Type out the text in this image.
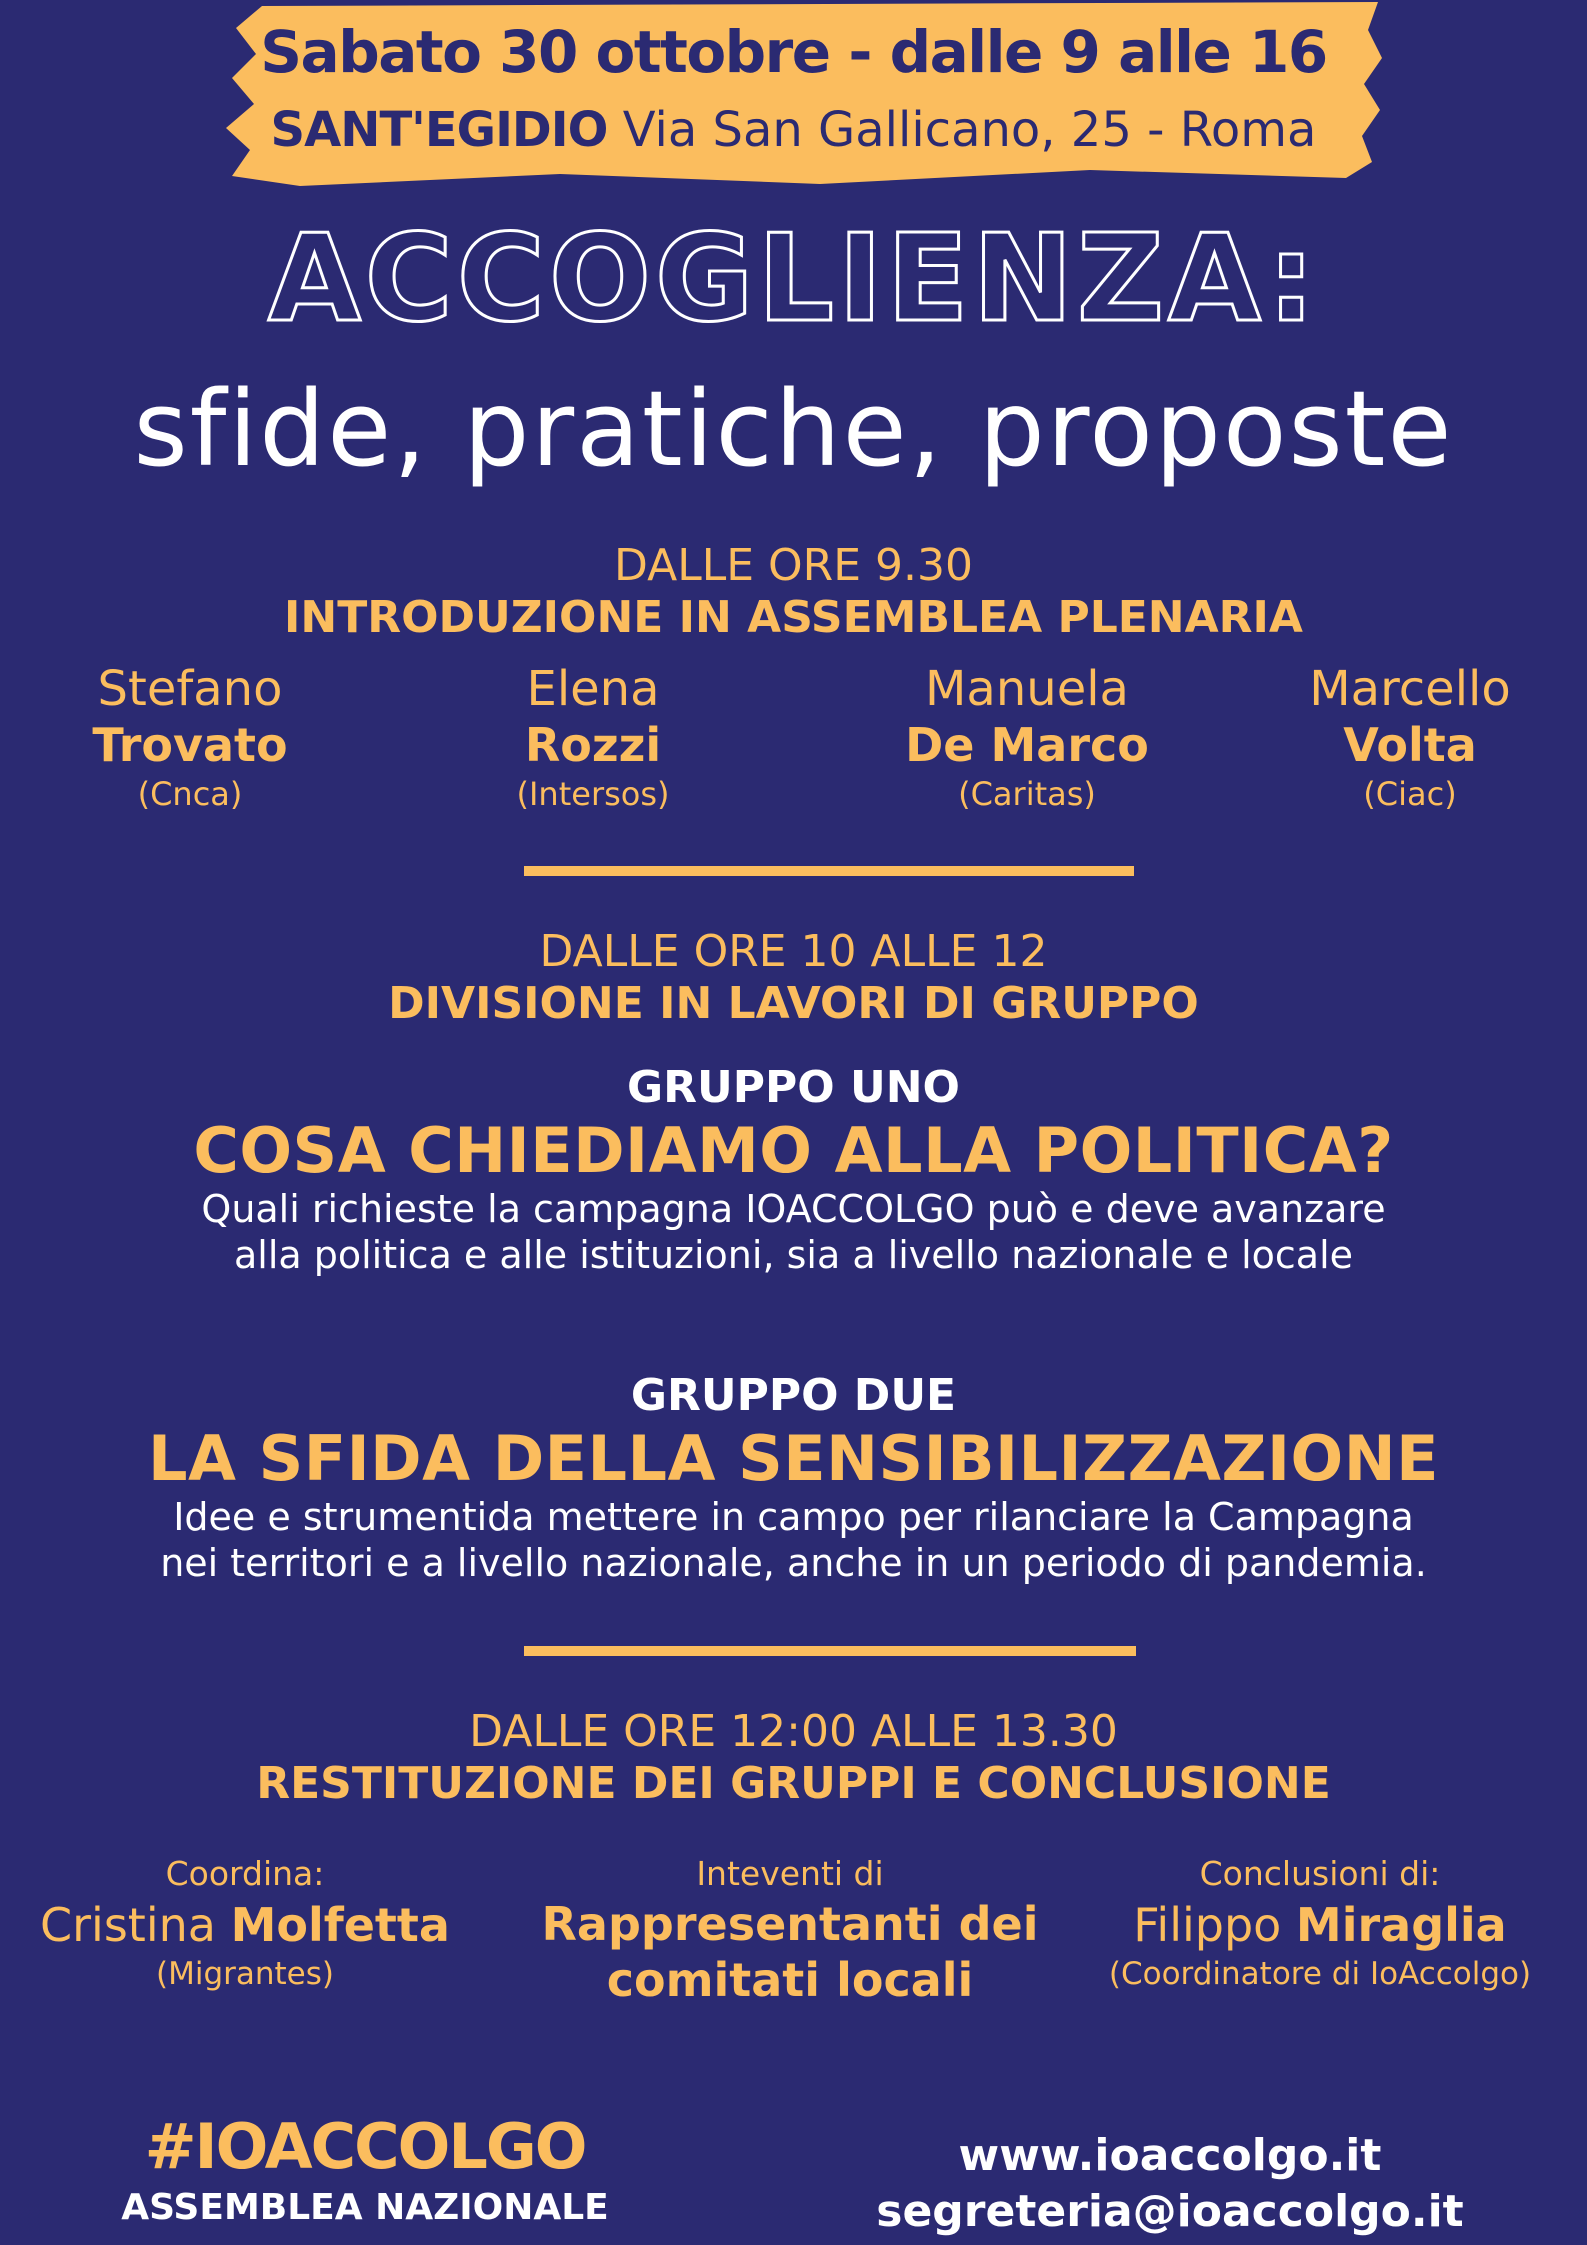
Sabato 30 ottobre - dalle 9 alle 16
SANT'EGIDIO Via San Gallicano, 25 - Roma
ACCOGLIENZA:
sfide, pratiche, proposte
DALLE ORE 9.30
INTRODUZIONE IN ASSEMBLEA PLENARIA
Stefano
Trovato
(Cnca)
Elena
Rozzi
(Intersos)
Manuela
De Marco
(Caritas)
Marcello
Volta
(Ciac)
DALLE ORE 10 ALLE 12
DIVISIONE IN LAVORI DI GRUPPO
GRUPPO UNO
COSA CHIEDIAMO ALLA POLITICA?
Quali richieste la campagna IOACCOLGO può e deve avanzare
alla politica e alle istituzioni, sia a livello nazionale e locale
GRUPPO DUE
LA SFIDA DELLA SENSIBILIZZAZIONE
Idee e strumentida mettere in campo per rilanciare la Campagna
nei territori e a livello nazionale, anche in un periodo di pandemia.
DALLE ORE 12:00 ALLE 13.30
RESTITUZIONE DEI GRUPPI E CONCLUSIONE
Coordina:
Cristina Molfetta
(Migrantes)
Inteventi di
Rappresentanti dei
comitati locali
Conclusioni di:
Filippo Miraglia
(Coordinatore di IoAccolgo)
#IOACCOLGO
ASSEMBLEA NAZIONALE
www.ioaccolgo.it
segreteria@ioaccolgo.it
